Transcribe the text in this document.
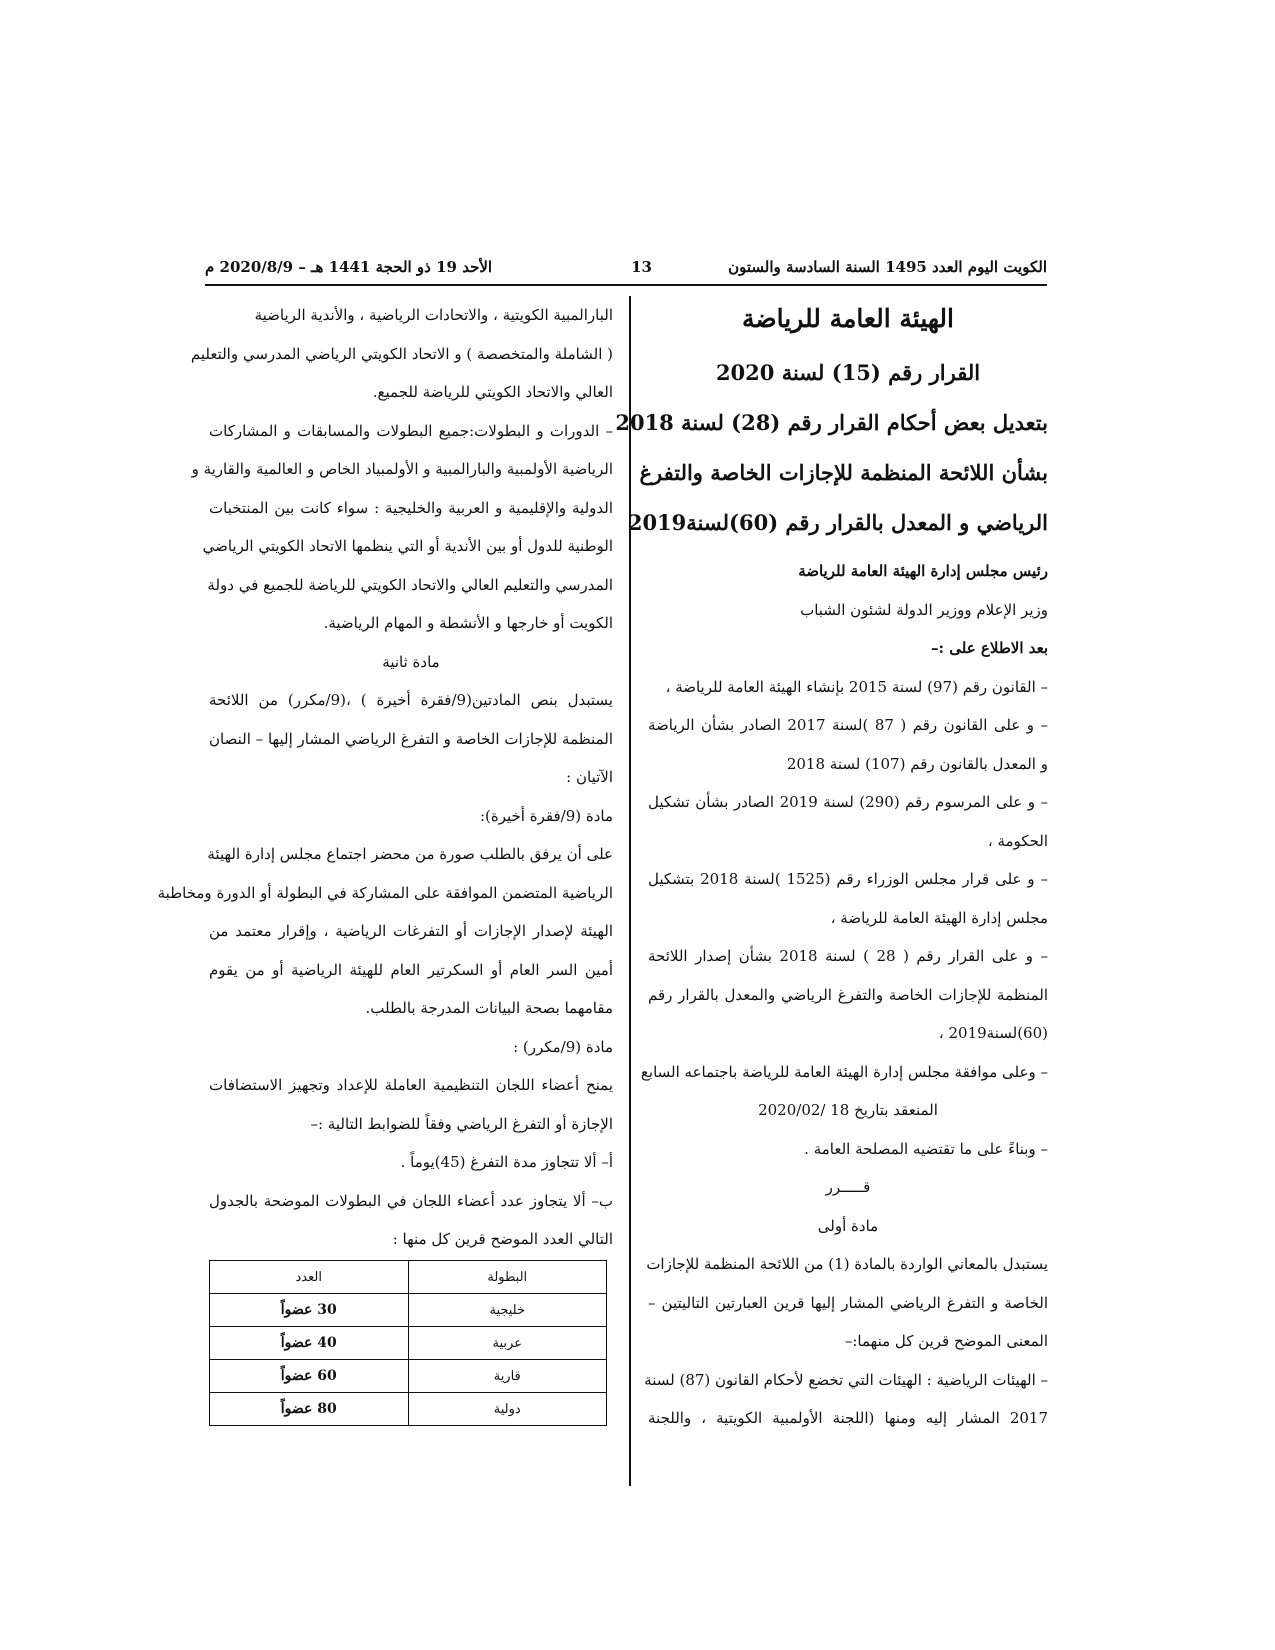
الكويت اليوم العدد 1495 السنة السادسة والستون
13
الأحد 19 ذو الحجة 1441 هـ – 2020/8/9 م
الهيئة العامة للرياضة
القرار رقم (15) لسنة 2020
بتعديل بعض أحكام القرار رقم (28) لسنة 2018
بشأن اللائحة المنظمة للإجازات الخاصة والتفرغ
الرياضي و المعدل بالقرار رقم (60)لسنة2019
رئيس مجلس إدارة الهيئة العامة للرياضة
وزير الإعلام ووزير الدولة لشئون الشباب
بعد الاطلاع على :–
– القانون رقم (97) لسنة 2015 بإنشاء الهيئة العامة للرياضة ،
– و على القانون رقم ( 87 )لسنة 2017 الصادر بشأن الرياضة
و المعدل بالقانون رقم (107) لسنة 2018
– و على المرسوم رقم (290) لسنة 2019 الصادر بشأن تشكيل
الحكومة ،
– و على قرار مجلس الوزراء رقم (1525 )لسنة 2018 بتشكيل
مجلس إدارة الهيئة العامة للرياضة ،
– و على القرار رقم ( 28 ) لسنة 2018 بشأن إصدار اللائحة
المنظمة للإجازات الخاصة والتفرغ الرياضي والمعدل بالقرار رقم
(60)لسنة2019 ،
– وعلى موافقة مجلس إدارة الهيئة العامة للرياضة باجتماعه السابع
المنعقد بتاريخ 18 /2020/02
– وبناءً على ما تقتضيه المصلحة العامة .
قـــــرر
مادة أولى
يستبدل بالمعاني الواردة بالمادة (1) من اللائحة المنظمة للإجازات
الخاصة و التفرغ الرياضي المشار إليها قرين العبارتين التاليتين –
المعنى الموضح قرين كل منهما:–
– الهيئات الرياضية : الهيئات التي تخضع لأحكام القانون (87) لسنة
2017 المشار إليه ومنها (اللجنة الأولمبية الكويتية ، واللجنة
البارالمبية الكويتية ، والاتحادات الرياضية ، والأندية الرياضية
( الشاملة والمتخصصة ) و الاتحاد الكويتي الرياضي المدرسي والتعليم
العالي والاتحاد الكويتي للرياضة للجميع.
– الدورات و البطولات:جميع البطولات والمسابقات و المشاركات
الرياضية الأولمبية والبارالمبية و الأولمبياد الخاص و العالمية والقارية و
الدولية والإقليمية و العربية والخليجية : سواء كانت بين المنتخبات
الوطنية للدول أو بين الأندية أو التي ينظمها الاتحاد الكويتي الرياضي
المدرسي والتعليم العالي والاتحاد الكويتي للرياضة للجميع في دولة
الكويت أو خارجها و الأنشطة و المهام الرياضية.
مادة ثانية
يستبدل بنص المادتين(9/فقرة أخيرة ) ،(9/مكرر) من اللائحة
المنظمة للإجازات الخاصة و التفرغ الرياضي المشار إليها – النصان
الآتيان :
مادة (9/فقرة أخيرة):
على أن يرفق بالطلب صورة من محضر اجتماع مجلس إدارة الهيئة
الرياضية المتضمن الموافقة على المشاركة في البطولة أو الدورة ومخاطبة
الهيئة لإصدار الإجازات أو التفرغات الرياضية ، وإقرار معتمد من
أمين السر العام أو السكرتير العام للهيئة الرياضية أو من يقوم
مقامهما بصحة البيانات المدرجة بالطلب.
مادة (9/مكرر) :
يمنح أعضاء اللجان التنظيمية العاملة للإعداد وتجهيز الاستضافات
الإجازة أو التفرغ الرياضي وفقاً للضوابط التالية :–
أ– ألا تتجاوز مدة التفرغ (45)يوماً .
ب– ألا يتجاوز عدد أعضاء اللجان في البطولات الموضحة بالجدول
التالي العدد الموضح قرين كل منها :
البطولة	العدد
خليجية	30 عضواً
عربية	40 عضواً
قارية	60 عضواً
دولية	80 عضواً
